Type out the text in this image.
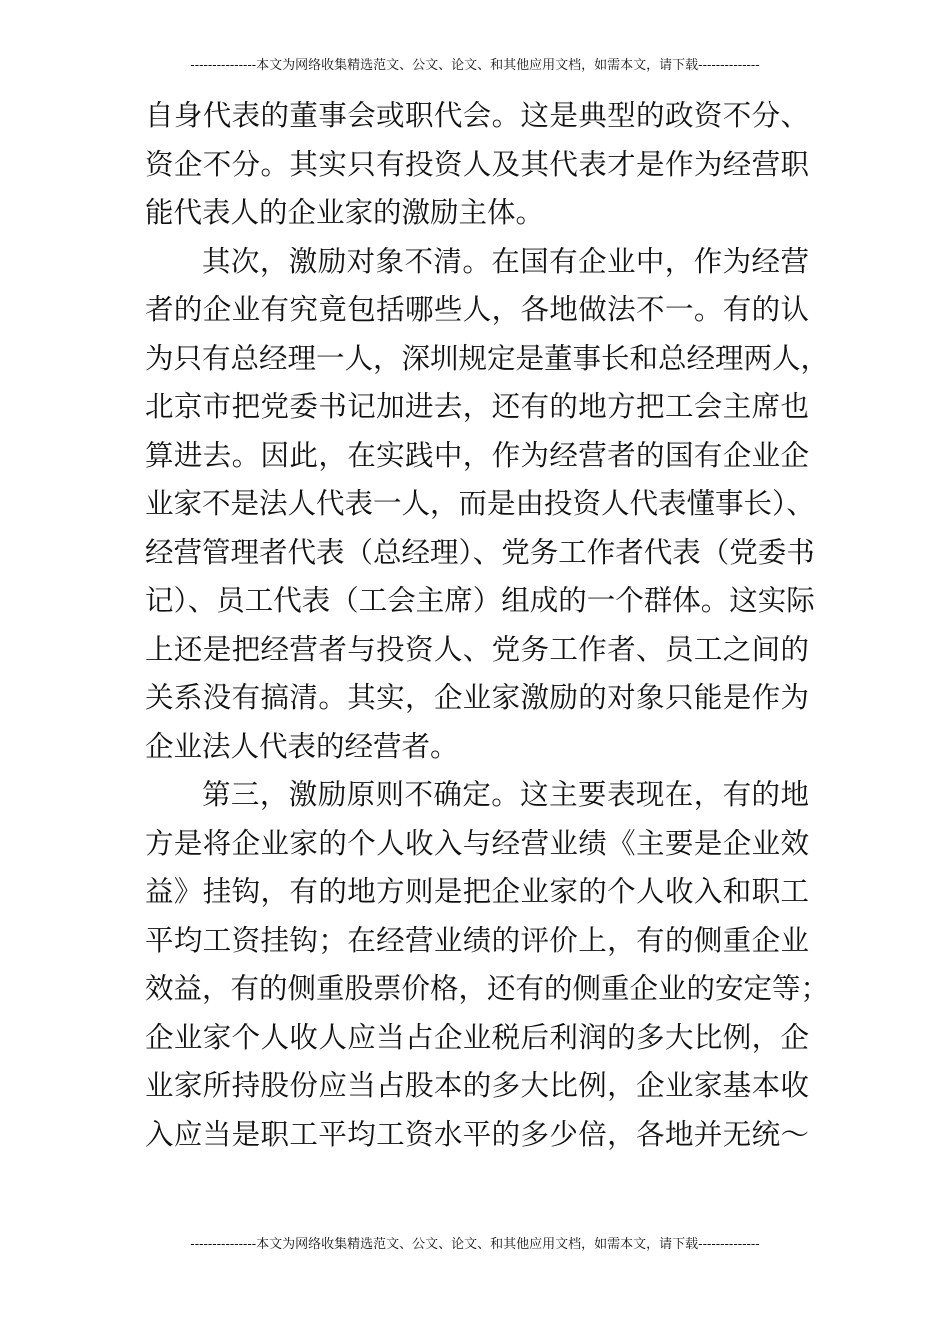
---------------本文为网络收集精选范文、公文、论文、和其他应用文档，如需本文，请下载--------------
自身代表的董事会或职代会。这是典型的政资不分、
资企不分。其实只有投资人及其代表才是作为经营职
能代表人的企业家的激励主体。
其次，激励对象不清。在国有企业中，作为经营
者的企业有究竟包括哪些人，各地做法不一。有的认
为只有总经理一人，深圳规定是董事长和总经理两人，
北京市把党委书记加进去，还有的地方把工会主席也
算进去。因此，在实践中，作为经营者的国有企业企
业家不是法人代表一人，而是由投资人代表懂事长）、
经营管理者代表（总经理）、党务工作者代表（党委书
记）、员工代表（工会主席）组成的一个群体。这实际
上还是把经营者与投资人、党务工作者、员工之间的
关系没有搞清。其实，企业家激励的对象只能是作为
企业法人代表的经营者。
第三，激励原则不确定。这主要表现在，有的地
方是将企业家的个人收入与经营业绩《主要是企业效
益》挂钩，有的地方则是把企业家的个人收入和职工
平均工资挂钩；在经营业绩的评价上，有的侧重企业
效益，有的侧重股票价格，还有的侧重企业的安定等；
企业家个人收人应当占企业税后利润的多大比例，企
业家所持股份应当占股本的多大比例，企业家基本收
入应当是职工平均工资水平的多少倍，各地并无统～
---------------本文为网络收集精选范文、公文、论文、和其他应用文档，如需本文，请下载--------------
